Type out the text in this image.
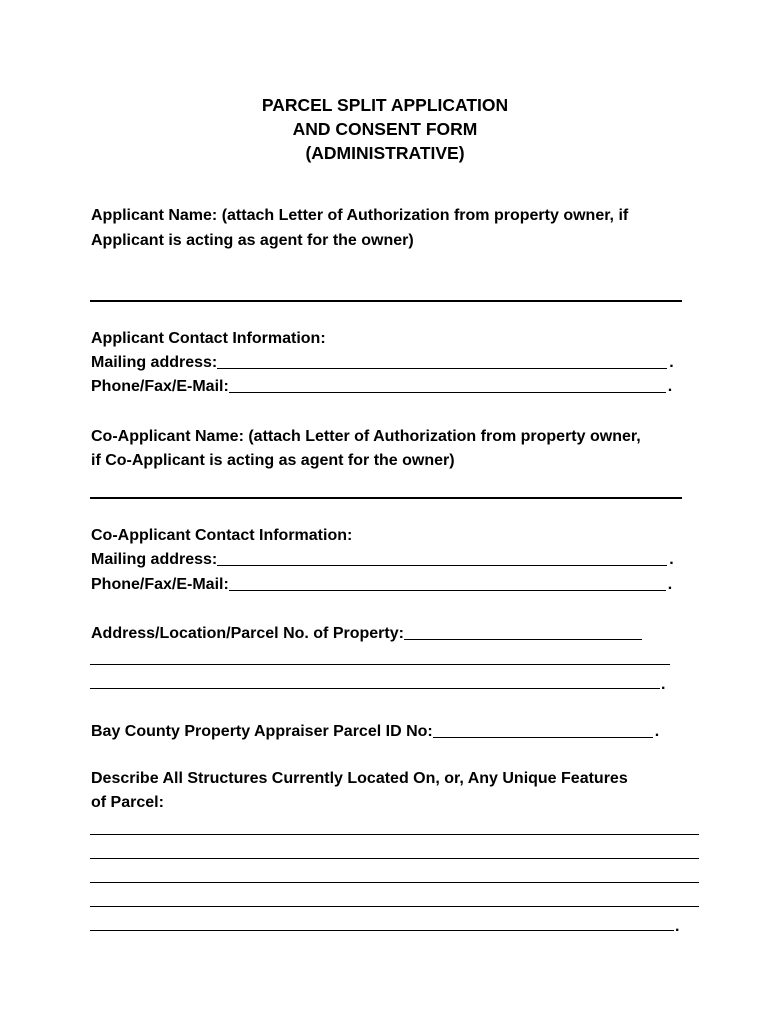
PARCEL SPLIT APPLICATION
AND CONSENT FORM
(ADMINISTRATIVE)
Applicant Name: (attach Letter of Authorization from property owner, if
Applicant is acting as agent for the owner)
Applicant Contact Information:
Mailing address:	.
Phone/Fax/E-Mail:	.
Co-Applicant Name: (attach Letter of Authorization from property owner,
if Co-Applicant is acting as agent for the owner)
Co-Applicant Contact Information:
Mailing address:	.
Phone/Fax/E-Mail:	.
Address/Location/Parcel No. of Property:
.
Bay County Property Appraiser Parcel ID No:	.
Describe All Structures Currently Located On, or, Any Unique Features
of Parcel:
.
